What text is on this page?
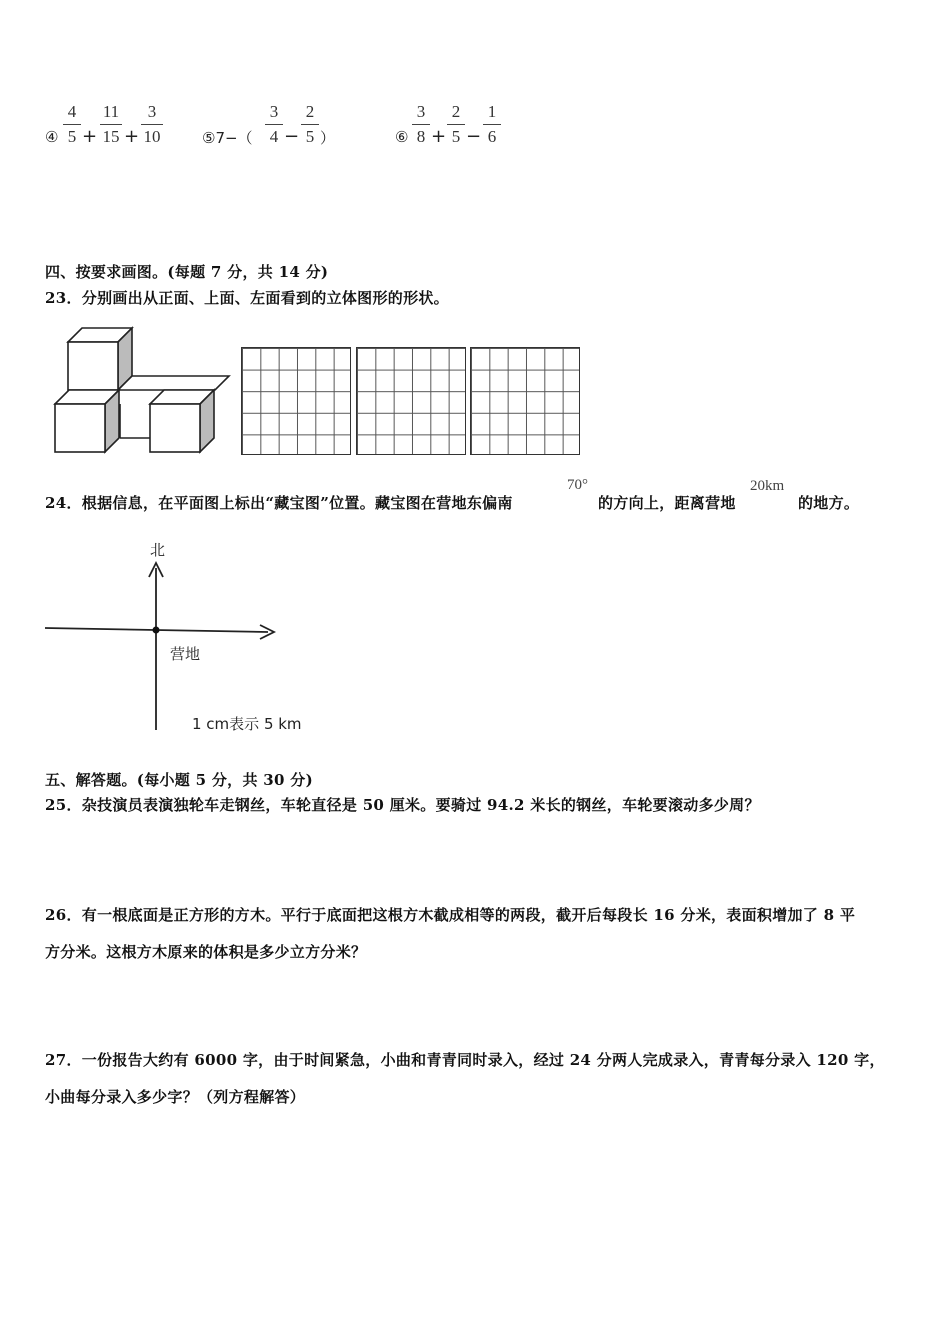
④
4
5 +
11
15 +
3
10	⑤7−（
3
4 −
2
5 ）	⑥
3
8 +
2
5 −
1
6
四、按要求画图。(每题 7 分，共 14 分)
23．分别画出从正面、上面、左面看到的立体图形的形状。
24．根据信息，在平面图上标出“藏宝图”位置。藏宝图在营地东偏南
70°
的方向上，距离营地
20km
的地方。
北
营地
1 cm表示 5 km
五、解答题。(每小题 5 分，共 30 分)
25．杂技演员表演独轮车走钢丝，车轮直径是 50 厘米。要骑过 94.2 米长的钢丝，车轮要滚动多少周？
26．有一根底面是正方形的方木。平行于底面把这根方木截成相等的两段，截开后每段长 16 分米，表面积增加了 8 平
方分米。这根方木原来的体积是多少立方分米？
27．一份报告大约有 6000 字，由于时间紧急，小曲和青青同时录入，经过 24 分两人完成录入，青青每分录入 120 字，
小曲每分录入多少字？（列方程解答）
